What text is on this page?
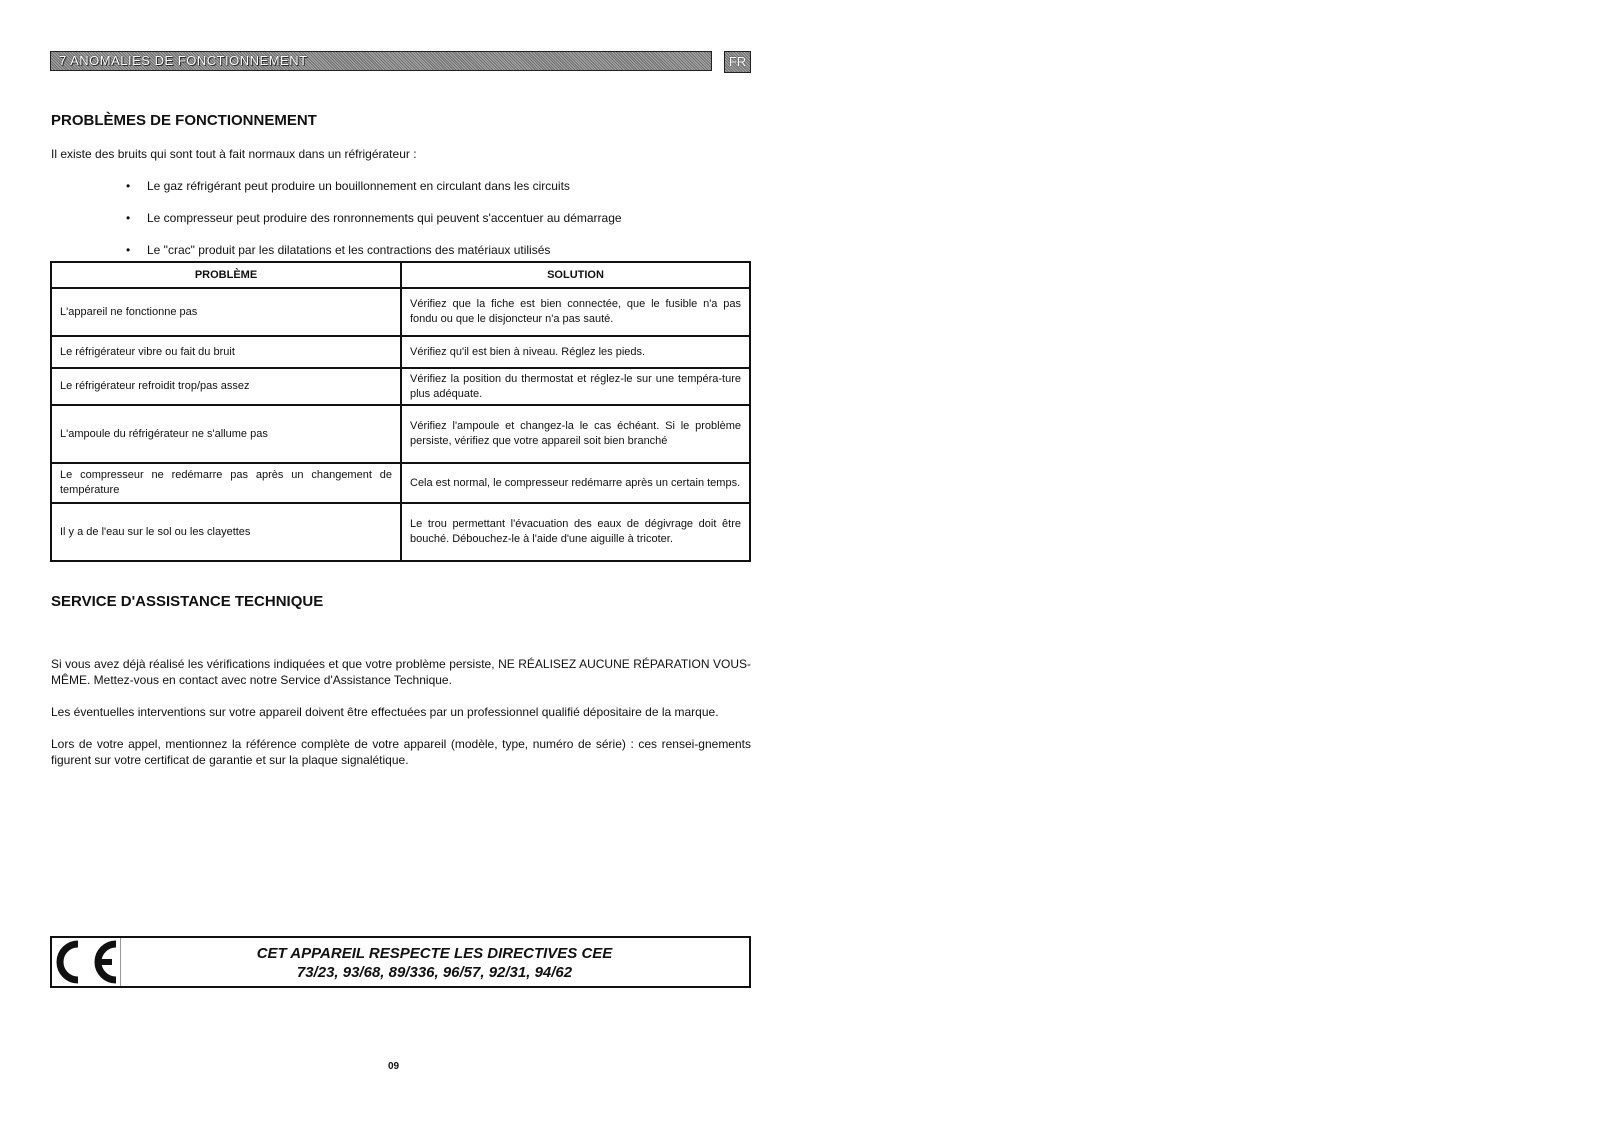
7 ANOMALIES DE FONCTIONNEMENT	FR
PROBLÈMES DE FONCTIONNEMENT
Il existe des bruits qui sont tout à fait normaux dans un réfrigérateur :
• Le gaz réfrigérant peut produire un bouillonnement en circulant dans les circuits
• Le compresseur peut produire des ronronnements qui peuvent s'accentuer au démarrage
• Le "crac" produit par les dilatations et les contractions des matériaux utilisés
PROBLÈME	SOLUTION
L'appareil ne fonctionne pas	Vérifiez que la fiche est bien connectée, que le fusible n'a pas fondu ou que le disjoncteur n'a pas sauté.
Le réfrigérateur vibre ou fait du bruit	Vérifiez qu'il est bien à niveau. Réglez les pieds.
Le réfrigérateur refroidit trop/pas assez	Vérifiez la position du thermostat et réglez-le sur une tempéra-ture plus adéquate.
L'ampoule du réfrigérateur ne s'allume pas	Vérifiez l'ampoule et changez-la le cas échéant. Si le problème persiste, vérifiez que votre appareil soit bien branché
Le compresseur ne redémarre pas après un changement de température	Cela est normal, le compresseur redémarre après un certain temps.
Il y a de l'eau sur le sol ou les clayettes	Le trou permettant l'évacuation des eaux de dégivrage doit être bouché. Débouchez-le à l'aide d'une aiguille à tricoter.
SERVICE D'ASSISTANCE TECHNIQUE
Si vous avez déjà réalisé les vérifications indiquées et que votre problème persiste, NE RÉALISEZ AUCUNE RÉPARATION VOUS-MÊME. Mettez-vous en contact avec notre Service d'Assistance Technique.
Les éventuelles interventions sur votre appareil doivent être effectuées par un professionnel qualifié dépositaire de la marque.
Lors de votre appel, mentionnez la référence complète de votre appareil (modèle, type, numéro de série) : ces rensei-gnements figurent sur votre certificat de garantie et sur la plaque signalétique.
CET APPAREIL RESPECTE LES DIRECTIVES CEE
73/23, 93/68, 89/336, 96/57, 92/31, 94/62
09
